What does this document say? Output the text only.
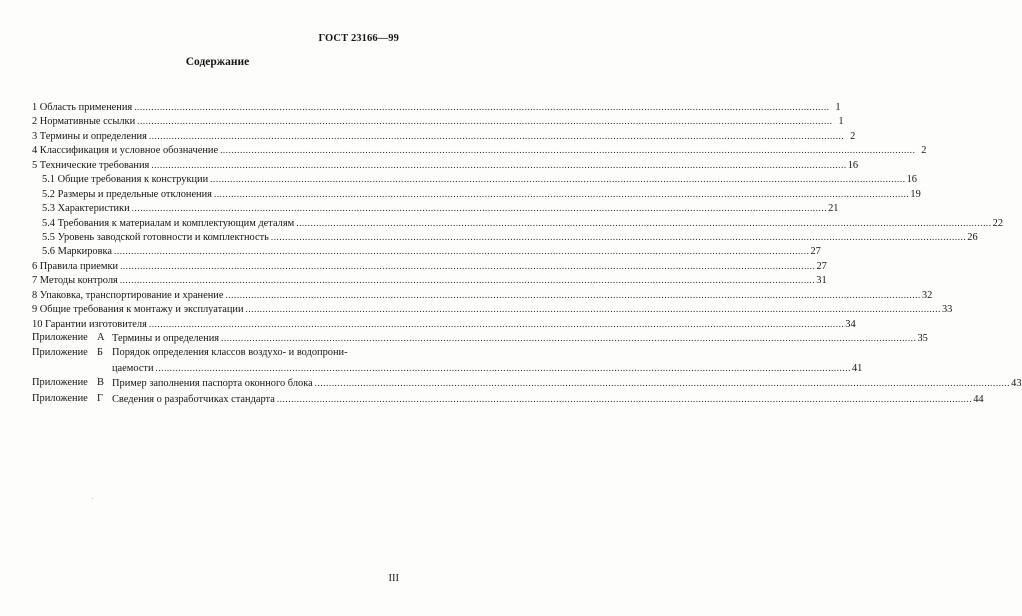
ГОСТ 23166—99
Содержание
1 Область применения .....	1
2 Нормативные ссылки .....	1
3 Термины и определения .....	2
4 Классификация и условное обозначение .....	2
5 Технические требования .....	16
5.1 Общие требования к конструкции .....	16
5.2 Размеры и предельные отклонения .....	19
5.3 Характеристики .....	21
5.4 Требования к материалам и комплектующим деталям .....	22
5.5 Уровень заводской готовности и комплектность .....	26
5.6 Маркировка .....	27
6 Правила приемки .....	27
7 Методы контроля .....	31
8 Упаковка, транспортирование и хранение .....	32
9 Общие требования к монтажу и эксплуатации .....	33
10 Гарантии изготовителя .....	34
Приложение А Термины и определения .....	35
Приложение Б Порядок определения классов воздухо- и водопрони-
цаемости .....	41
Приложение В Пример заполнения паспорта оконного блока .....	43
Приложение Г Сведения о разработчиках стандарта .....	44
III
